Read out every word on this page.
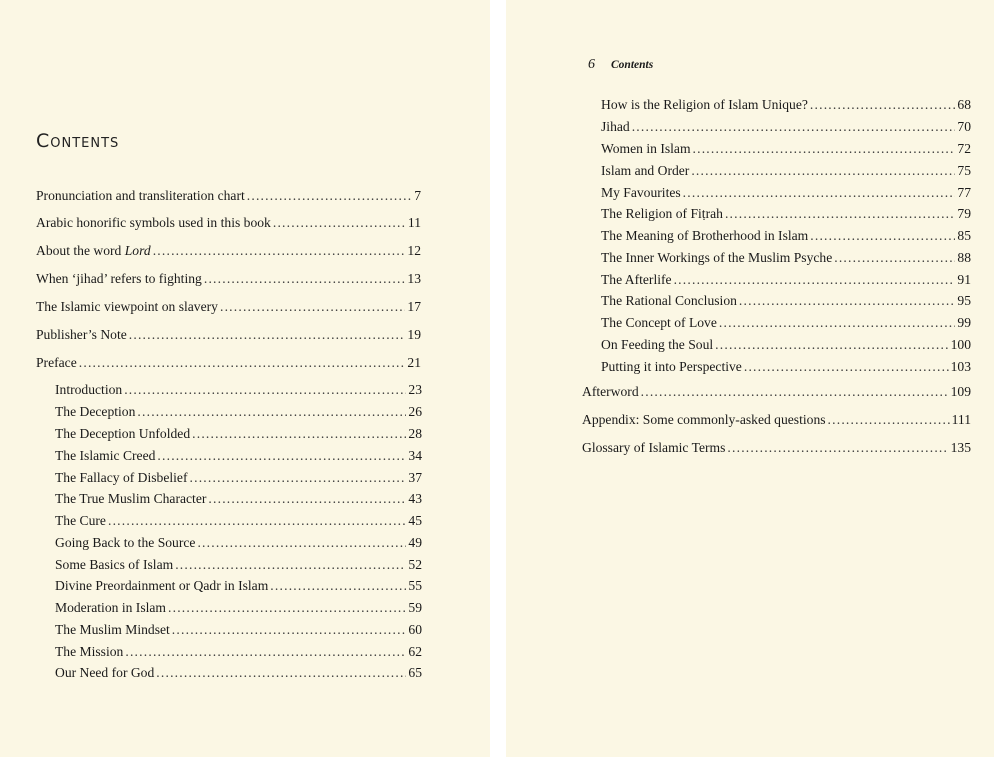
Contents
Pronunciation and transliteration chart .....	7
Arabic honorific symbols used in this book .....	11
About the word Lord .....	12
When ‘jihad’ refers to fighting .....	13
The Islamic viewpoint on slavery .....	17
Publisher’s Note .....	19
Preface .....	21
Introduction .....	23
The Deception .....	26
The Deception Unfolded .....	28
The Islamic Creed .....	34
The Fallacy of Disbelief .....	37
The True Muslim Character .....	43
The Cure .....	45
Going Back to the Source .....	49
Some Basics of Islam .....	52
Divine Preordainment or Qadr in Islam .....	55
Moderation in Islam .....	59
The Muslim Mindset .....	60
The Mission .....	62
Our Need for God .....	65
6 Contents
How is the Religion of Islam Unique? .....	68
Jihad .....	70
Women in Islam .....	72
Islam and Order .....	75
My Favourites .....	77
The Religion of Fiṭrah .....	79
The Meaning of Brotherhood in Islam .....	85
The Inner Workings of the Muslim Psyche .....	88
The Afterlife .....	91
The Rational Conclusion .....	95
The Concept of Love .....	99
On Feeding the Soul .....	100
Putting it into Perspective .....	103
Afterword .....	109
Appendix: Some commonly-asked questions .....	111
Glossary of Islamic Terms .....	135
